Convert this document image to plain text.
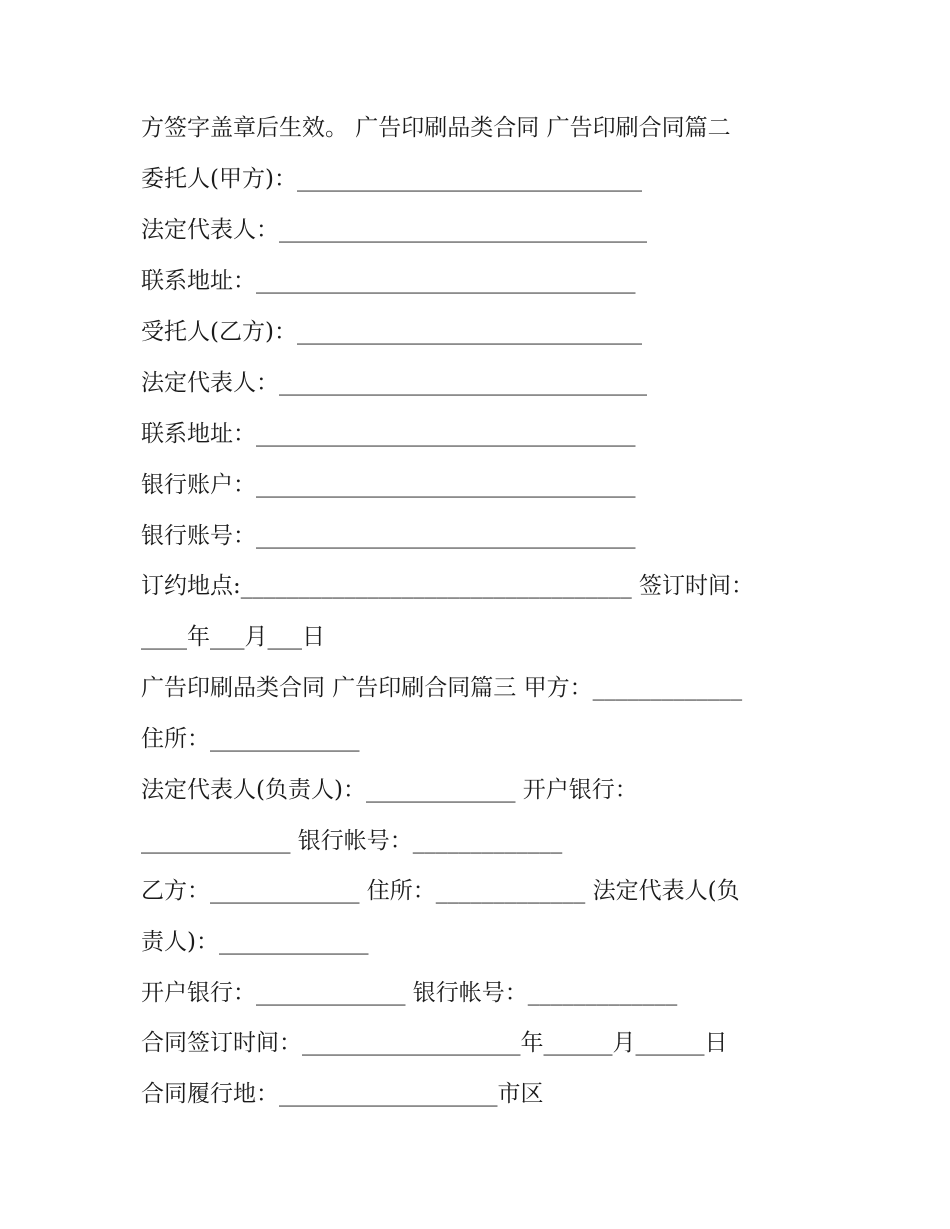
方签字盖章后生效。 广告印刷品类合同 广告印刷合同篇二
委托人(甲方)：______________________________
法定代表人：________________________________
联系地址：_________________________________
受托人(乙方)：______________________________
法定代表人：________________________________
联系地址：_________________________________
银行账户：_________________________________
银行账号：_________________________________
订约地点:__________________________________ 签订时间：
____年___月___日
广告印刷品类合同 广告印刷合同篇三 甲方：_____________
住所：_____________
法定代表人(负责人)：_____________ 开户银行：
_____________ 银行帐号：_____________
乙方：_____________ 住所：_____________ 法定代表人(负
责人)：_____________
开户银行：_____________ 银行帐号：_____________
合同签订时间：___________________年______月______日
合同履行地：___________________市区
